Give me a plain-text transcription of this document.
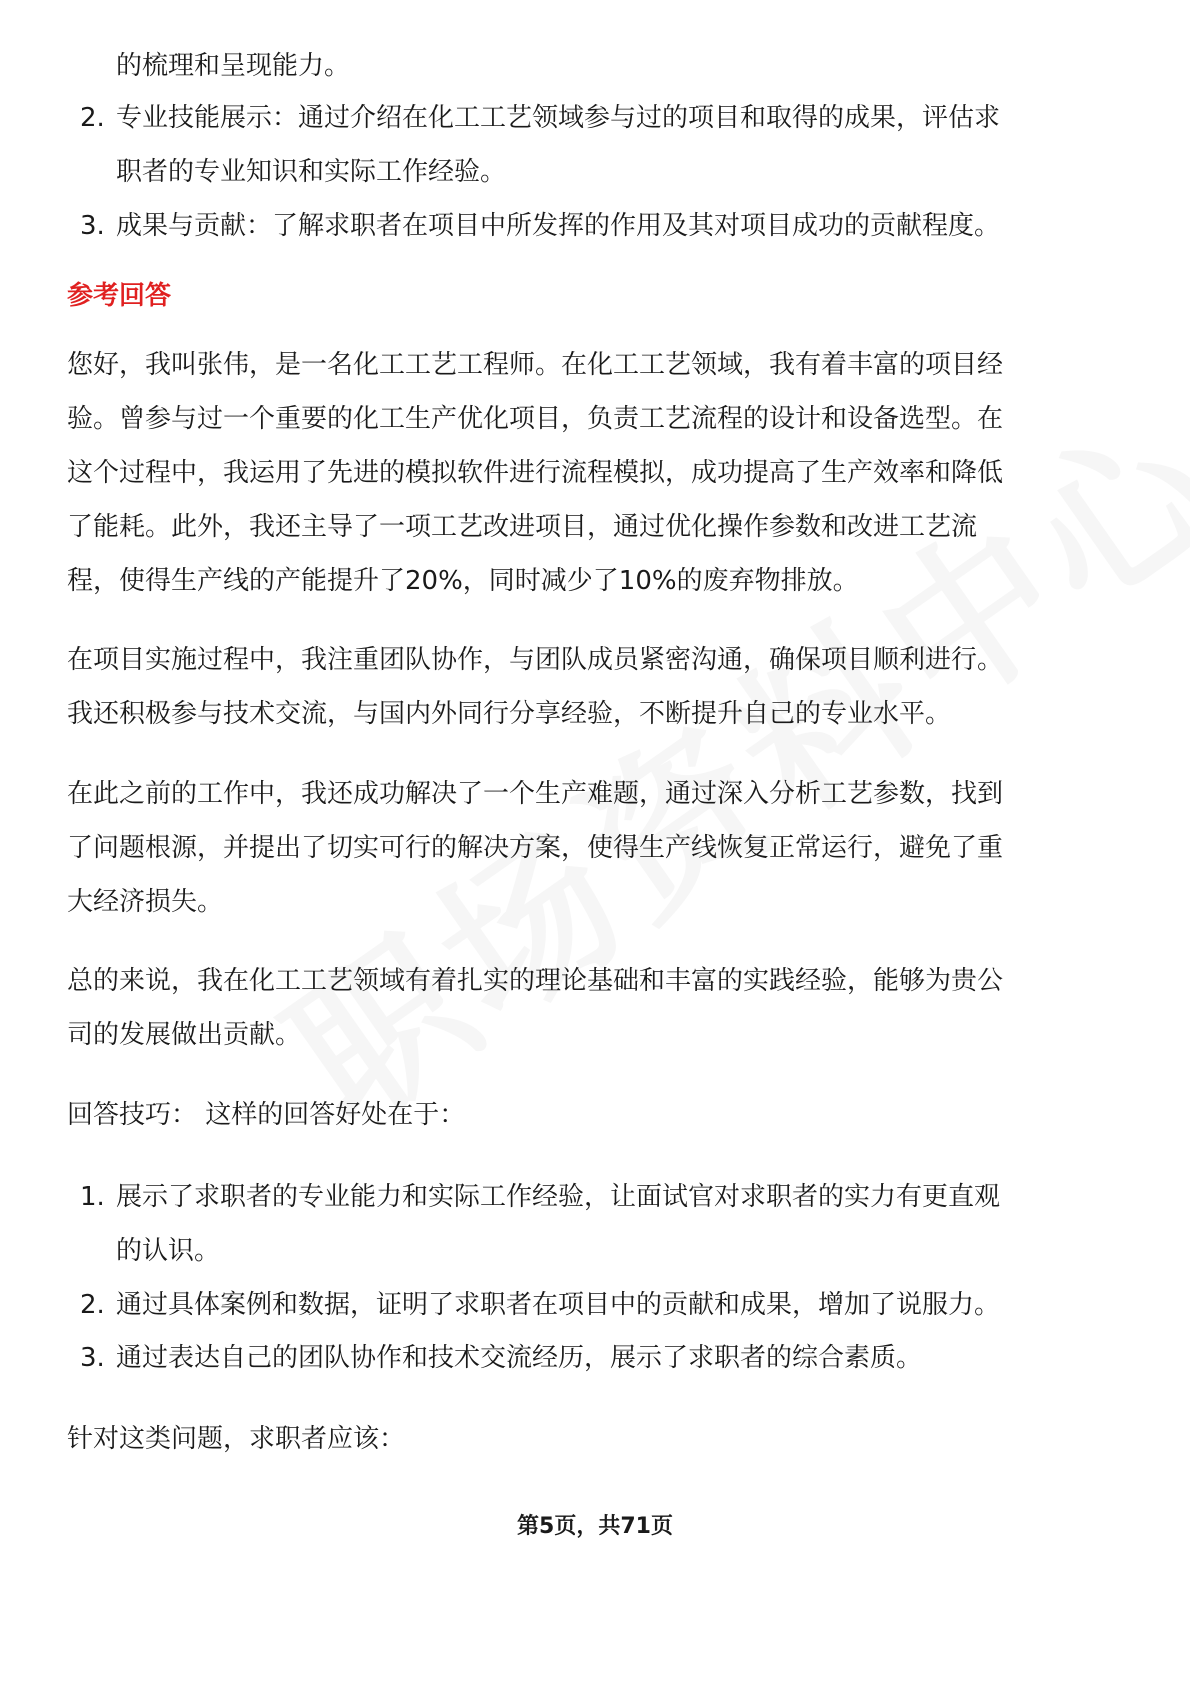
的梳理和呈现能力。
2. 专业技能展示：通过介绍在化工工艺领域参与过的项目和取得的成果，评估求
职者的专业知识和实际工作经验。
3. 成果与贡献：了解求职者在项目中所发挥的作用及其对项目成功的贡献程度。
参考回答
您好，我叫张伟，是一名化工工艺工程师。在化工工艺领域，我有着丰富的项目经
验。曾参与过一个重要的化工生产优化项目，负责工艺流程的设计和设备选型。在
这个过程中，我运用了先进的模拟软件进行流程模拟，成功提高了生产效率和降低
了能耗。此外，我还主导了一项工艺改进项目，通过优化操作参数和改进工艺流
程，使得生产线的产能提升了20%，同时减少了10%的废弃物排放。
在项目实施过程中，我注重团队协作，与团队成员紧密沟通，确保项目顺利进行。
我还积极参与技术交流，与国内外同行分享经验，不断提升自己的专业水平。
在此之前的工作中，我还成功解决了一个生产难题，通过深入分析工艺参数，找到
了问题根源，并提出了切实可行的解决方案，使得生产线恢复正常运行，避免了重
大经济损失。
总的来说，我在化工工艺领域有着扎实的理论基础和丰富的实践经验，能够为贵公
司的发展做出贡献。
回答技巧： 这样的回答好处在于：
1. 展示了求职者的专业能力和实际工作经验，让面试官对求职者的实力有更直观
的认识。
2. 通过具体案例和数据，证明了求职者在项目中的贡献和成果，增加了说服力。
3. 通过表达自己的团队协作和技术交流经历，展示了求职者的综合素质。
针对这类问题，求职者应该：
第5页，共71页
